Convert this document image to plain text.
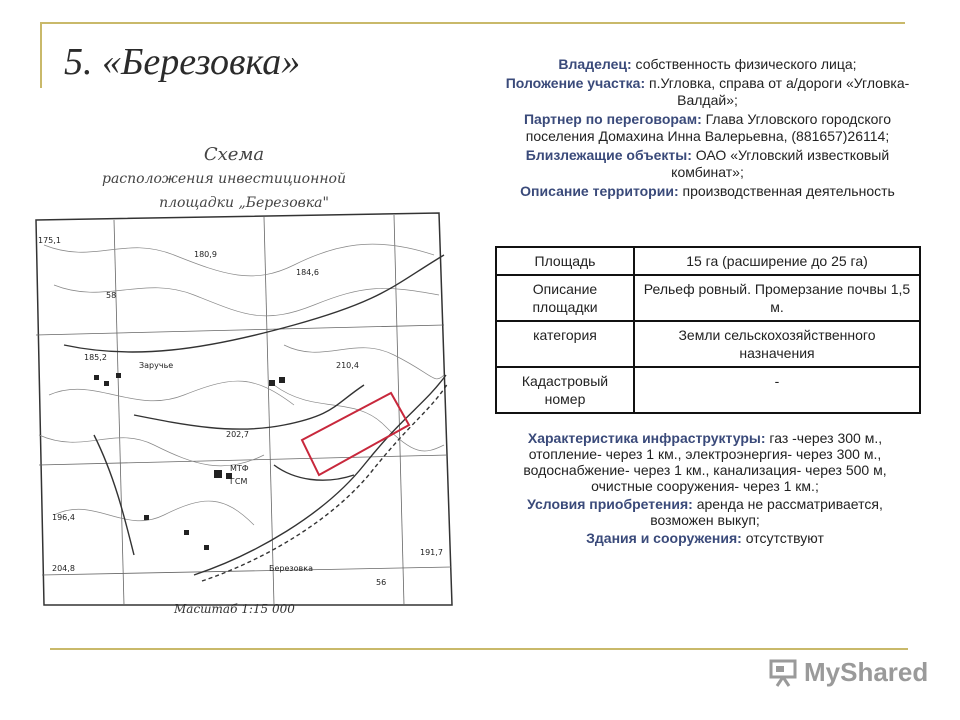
5. «Березовка»	Владелец: собственность физического лица;

Положение участка: п.Угловка, справа от а/дороги «Угловка-Валдай»;

Партнер по переговорам: Глава Угловского городского поселения Домахина Инна Валерьевна, (881657)26114;

Близлежащие объекты: ОАО «Угловский известковый комбинат»;

Описание территории: производственная деятельность

Площадь	15 га (расширение до 25 га)
Описание площадки	Рельеф ровный. Промерзание почвы 1,5 м.
категория	Земли сельскохозяйственного назначения
Кадастровый номер	-

Характеристика инфраструктуры: газ -через 300 м., отопление- через 1 км., электроэнергия- через 300 м., водоснабжение- через 1 км., канализация- через 500 м, очистные сооружения- через 1 км.;

Условия приобретения: аренда не рассматривается, возможен выкуп;

Здания и сооружения: отсутствуют

Схема
расположения инвестиционной
площадки „Березовка"
175,1
180,9
184,6
58
185,2
Заручье	210,4
202,7
МТФ
ГСМ
196,4
204,8	Березовка
56
191,7
Масштаб 1:15 000
MyShared
